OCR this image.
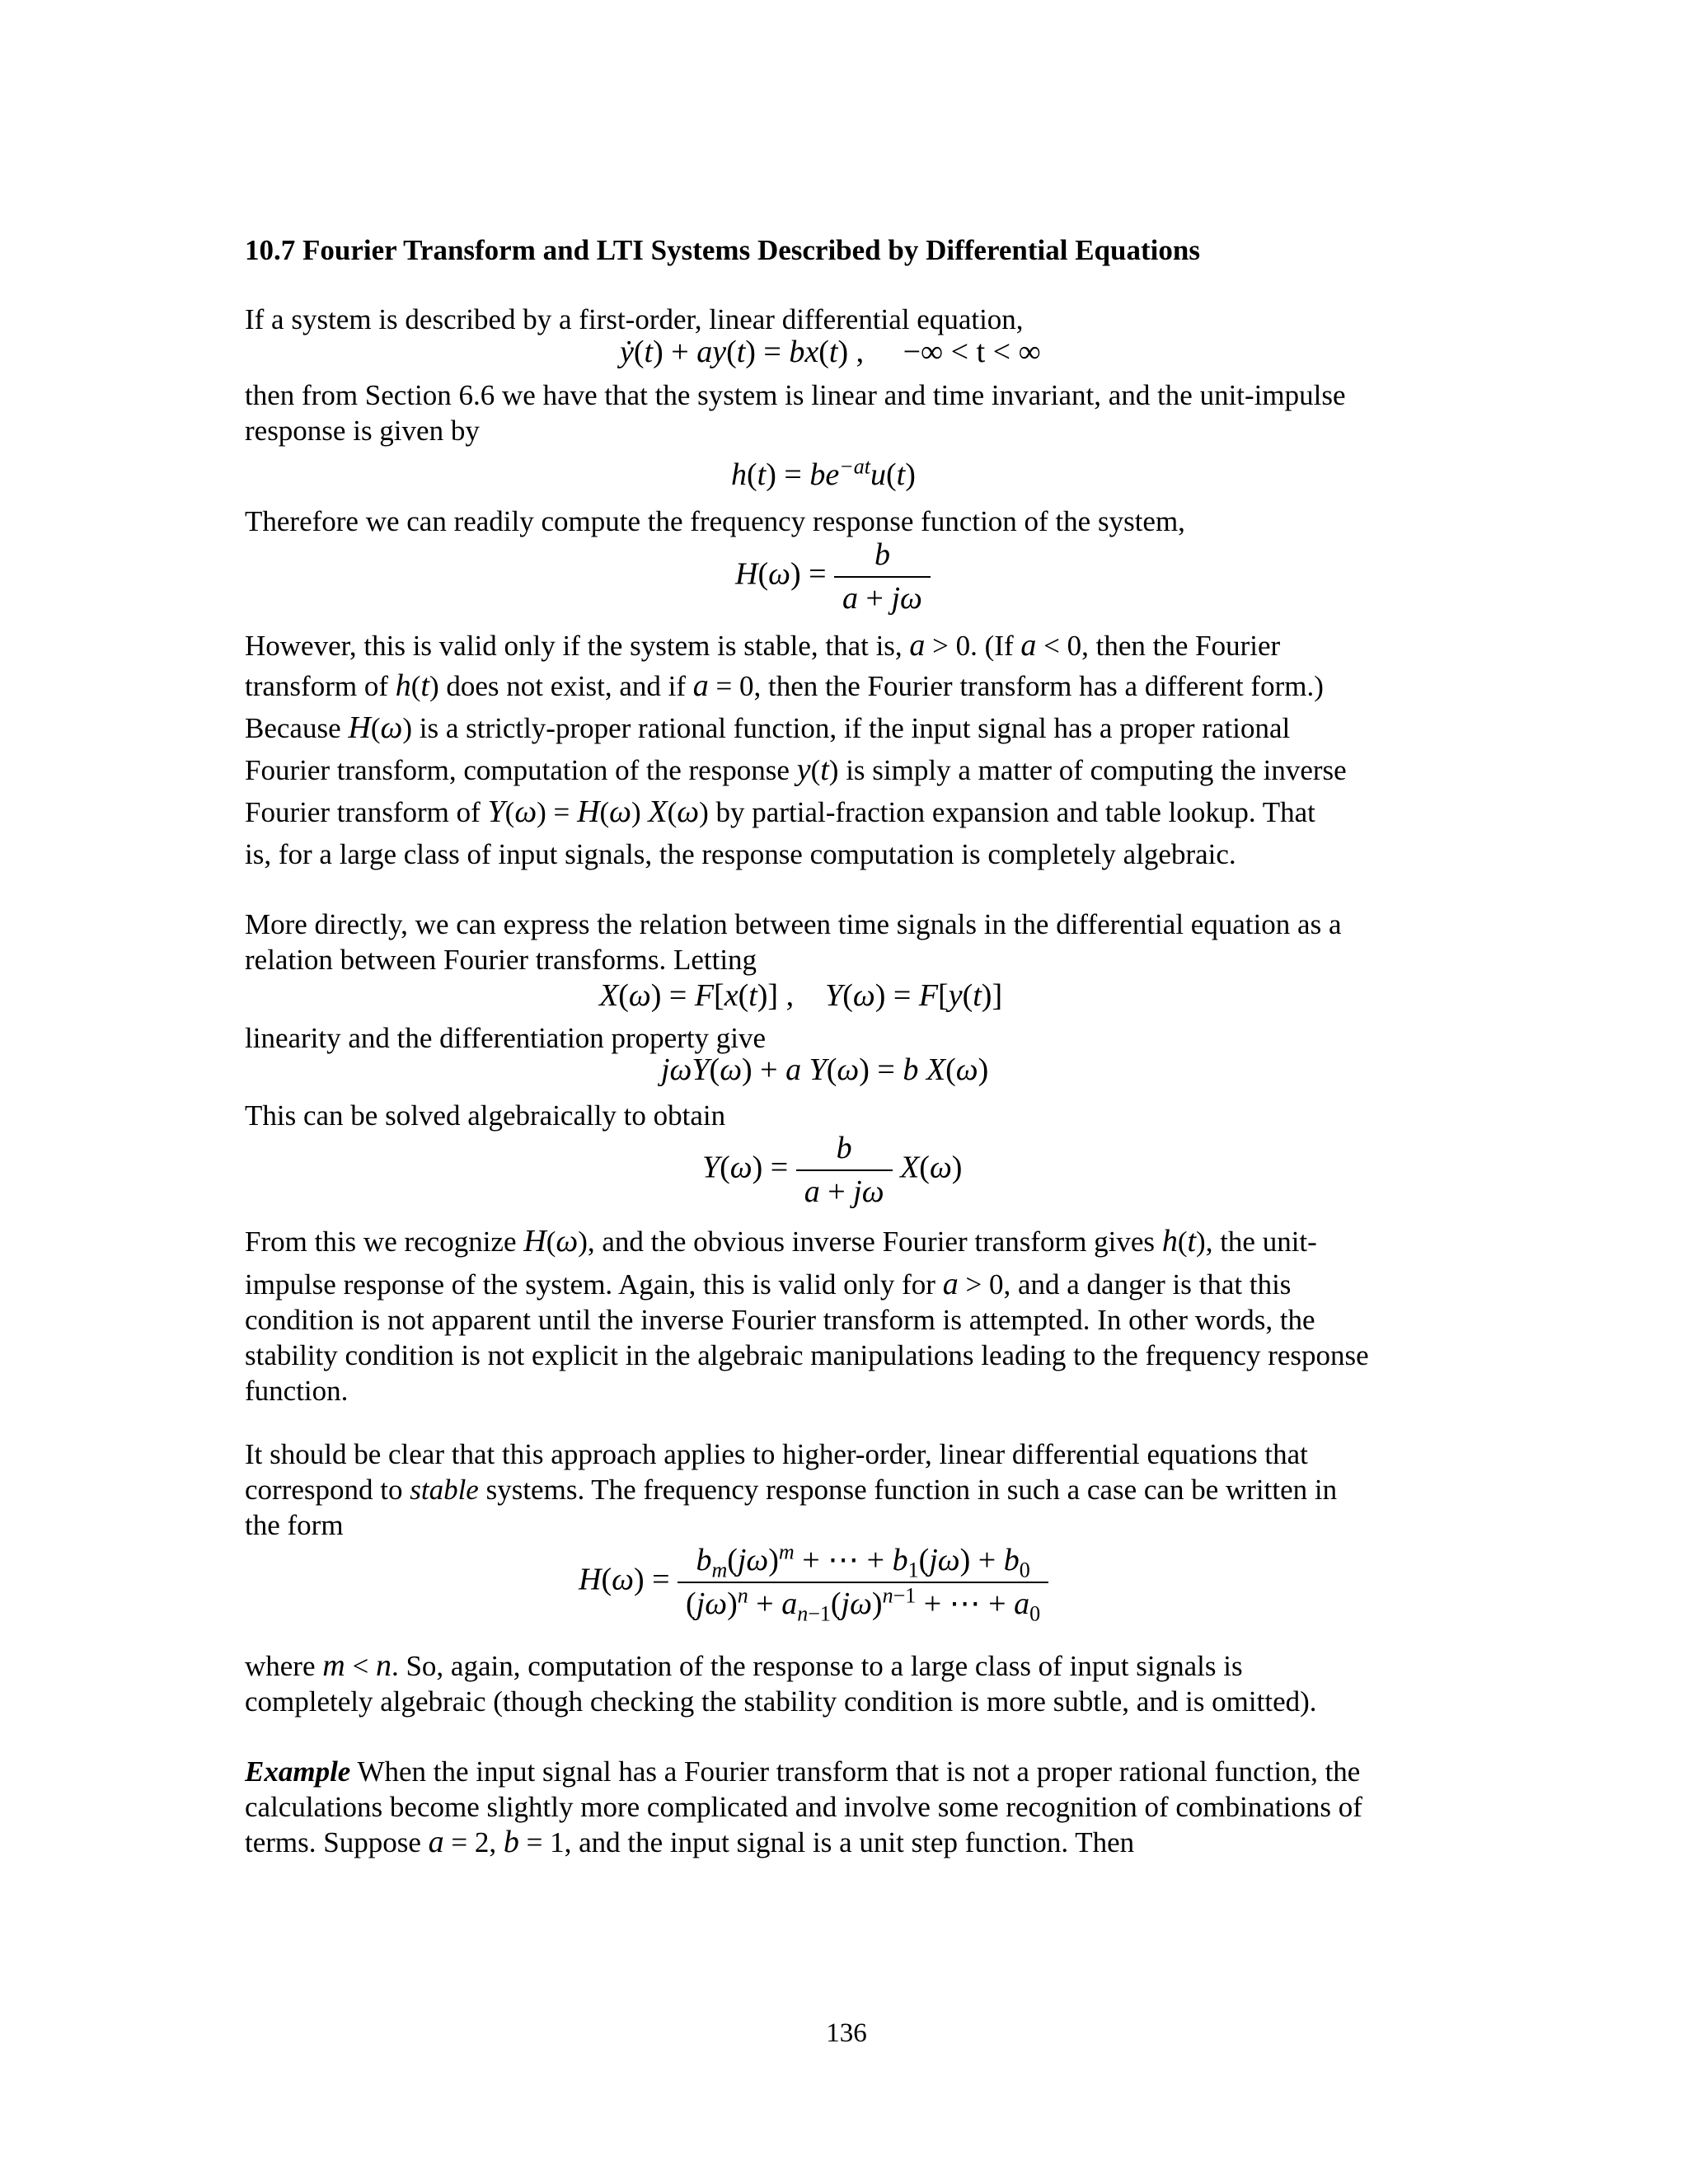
10.7 Fourier Transform and LTI Systems Described by Differential Equations
If a system is described by a first-order, linear differential equation,
ẏ(t) + ay(t) = bx(t) ,     −∞ < t < ∞
then from Section 6.6 we have that the system is linear and time invariant, and the unit-impulse
response is given by
$h(t) = be^{-at}u(t)$
Therefore we can readily compute the frequency response function of the system,
$H(\omega) = \frac{b}{a + j\omega}$
However, this is valid only if the system is stable, that is, a > 0. (If a < 0, then the Fourier
transform of h(t) does not exist, and if a = 0, then the Fourier transform has a different form.)
Because H(ω) is a strictly-proper rational function, if the input signal has a proper rational
Fourier transform, computation of the response y(t) is simply a matter of computing the inverse
Fourier transform of Y(ω) = H(ω) X(ω) by partial-fraction expansion and table lookup. That
is, for a large class of input signals, the response computation is completely algebraic.
More directly, we can express the relation between time signals in the differential equation as a
relation between Fourier transforms. Letting
X(ω) = F[x(t)] ,    Y(ω) = F[y(t)]
linearity and the differentiation property give
jωY(ω) + a Y(ω) = b X(ω)
This can be solved algebraically to obtain
$Y(\omega) = \frac{b}{a + j\omega} X(\omega)$
From this we recognize H(ω), and the obvious inverse Fourier transform gives h(t), the unit-
impulse response of the system. Again, this is valid only for a > 0, and a danger is that this
condition is not apparent until the inverse Fourier transform is attempted. In other words, the
stability condition is not explicit in the algebraic manipulations leading to the frequency response
function.
It should be clear that this approach applies to higher-order, linear differential equations that
correspond to stable systems. The frequency response function in such a case can be written in
the form
$H(\omega) = \frac{b_m(j\omega)^m + \cdots + b_1(j\omega) + b_0}{(j\omega)^n + a_{n-1}(j\omega)^{n-1} + \cdots + a_0}$
where m < n. So, again, computation of the response to a large class of input signals is
completely algebraic (though checking the stability condition is more subtle, and is omitted).
Example When the input signal has a Fourier transform that is not a proper rational function, the
calculations become slightly more complicated and involve some recognition of combinations of
terms. Suppose a = 2, b = 1, and the input signal is a unit step function. Then
136
